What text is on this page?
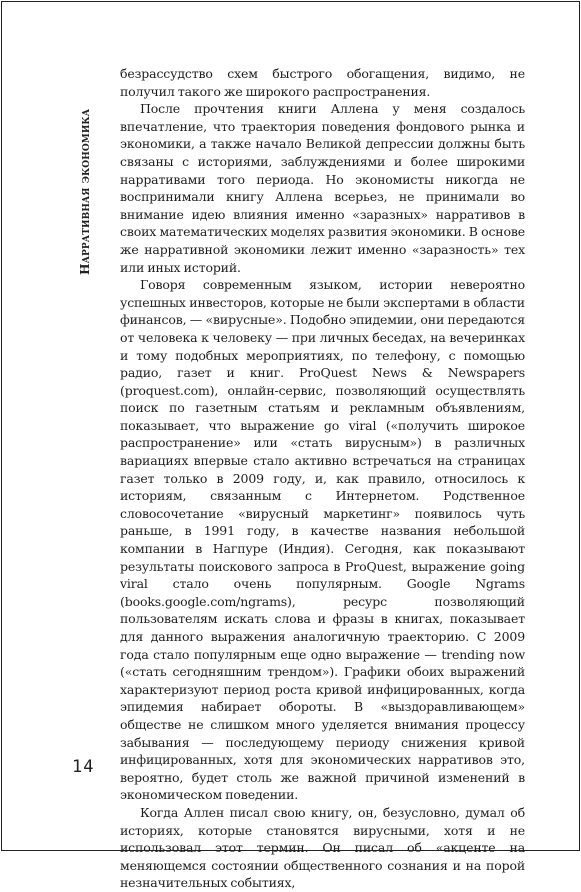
Нарративная экономика

безрассудство схем быстрого обогащения, видимо, не получил такого же широкого распространения.

После прочтения книги Аллена у меня создалось впечатление, что траектория поведения фондового рынка и экономики, а также начало Великой депрессии должны быть связаны с историями, заблуждениями и более широкими нарративами того периода. Но экономисты никогда не воспринимали книгу Аллена всерьез, не принимали во внимание идею влияния именно «заразных» нарративов в своих математических моделях развития экономики. В основе же нарративной экономики лежит именно «заразность» тех или иных историй.

Говоря современным языком, истории невероятно успешных инвесторов, которые не были экспертами в области финансов, — «вирусные». Подобно эпидемии, они передаются от человека к человеку — при личных беседах, на вечеринках и тому подобных мероприятиях, по телефону, с помощью радио, газет и книг. ProQuest News & Newspapers (proquest.com), онлайн-сервис, позволяющий осуществлять поиск по газетным статьям и рекламным объявлениям, показывает, что выражение go viral («получить широкое распространение» или «стать вирусным») в различных вариациях впервые стало активно встречаться на страницах газет только в 2009 году, и, как правило, относилось к историям, связанным с Интернетом. Родственное словосочетание «вирусный маркетинг» появилось чуть раньше, в 1991 году, в качестве названия небольшой компании в Нагпуре (Индия). Сегодня, как показывают результаты поискового запроса в ProQuest, выражение going viral стало очень популярным. Google Ngrams (books.google.com/ngrams), ресурс позволяющий пользователям искать слова и фразы в книгах, показывает для данного выражения аналогичную траекторию. С 2009 года стало популярным еще одно выражение — trending now («стать сегодняшним трендом»). Графики обоих выражений характеризуют период роста кривой инфицированных, когда эпидемия набирает обороты. В «выздоравливающем» обществе не слишком много уделяется внимания процессу забывания — последующему периоду снижения кривой инфицированных, хотя для экономических нарративов это, вероятно, будет столь же важной причиной изменений в экономическом поведении.

Когда Аллен писал свою книгу, он, безусловно, думал об историях, которые становятся вирусными, хотя и не использовал этот термин. Он писал об «акценте на меняющемся состоянии общественного сознания и на порой незначительных событиях,

14
